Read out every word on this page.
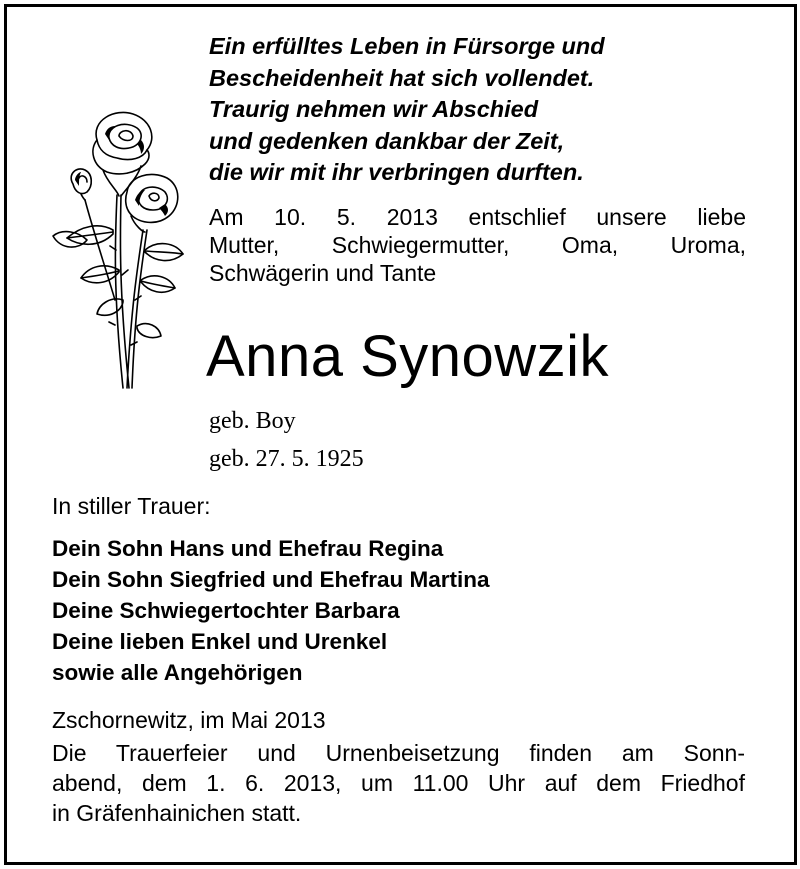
Ein erfülltes Leben in Fürsorge und
Bescheidenheit hat sich vollendet.
Traurig nehmen wir Abschied
und gedenken dankbar der Zeit,
die wir mit ihr verbringen durften.
Am 10. 5. 2013 entschlief unsere liebe
Mutter, Schwiegermutter, Oma, Uroma,
Schwägerin und Tante
Anna Synowzik
geb. Boy
geb. 27. 5. 1925
In stiller Trauer:
Dein Sohn Hans und Ehefrau Regina
Dein Sohn Siegfried und Ehefrau Martina
Deine Schwiegertochter Barbara
Deine lieben Enkel und Urenkel
sowie alle Angehörigen
Zschornewitz, im Mai 2013
Die Trauerfeier und Urnenbeisetzung finden am Sonn-
abend, dem 1. 6. 2013, um 11.00 Uhr auf dem Friedhof
in Gräfenhainichen statt.
